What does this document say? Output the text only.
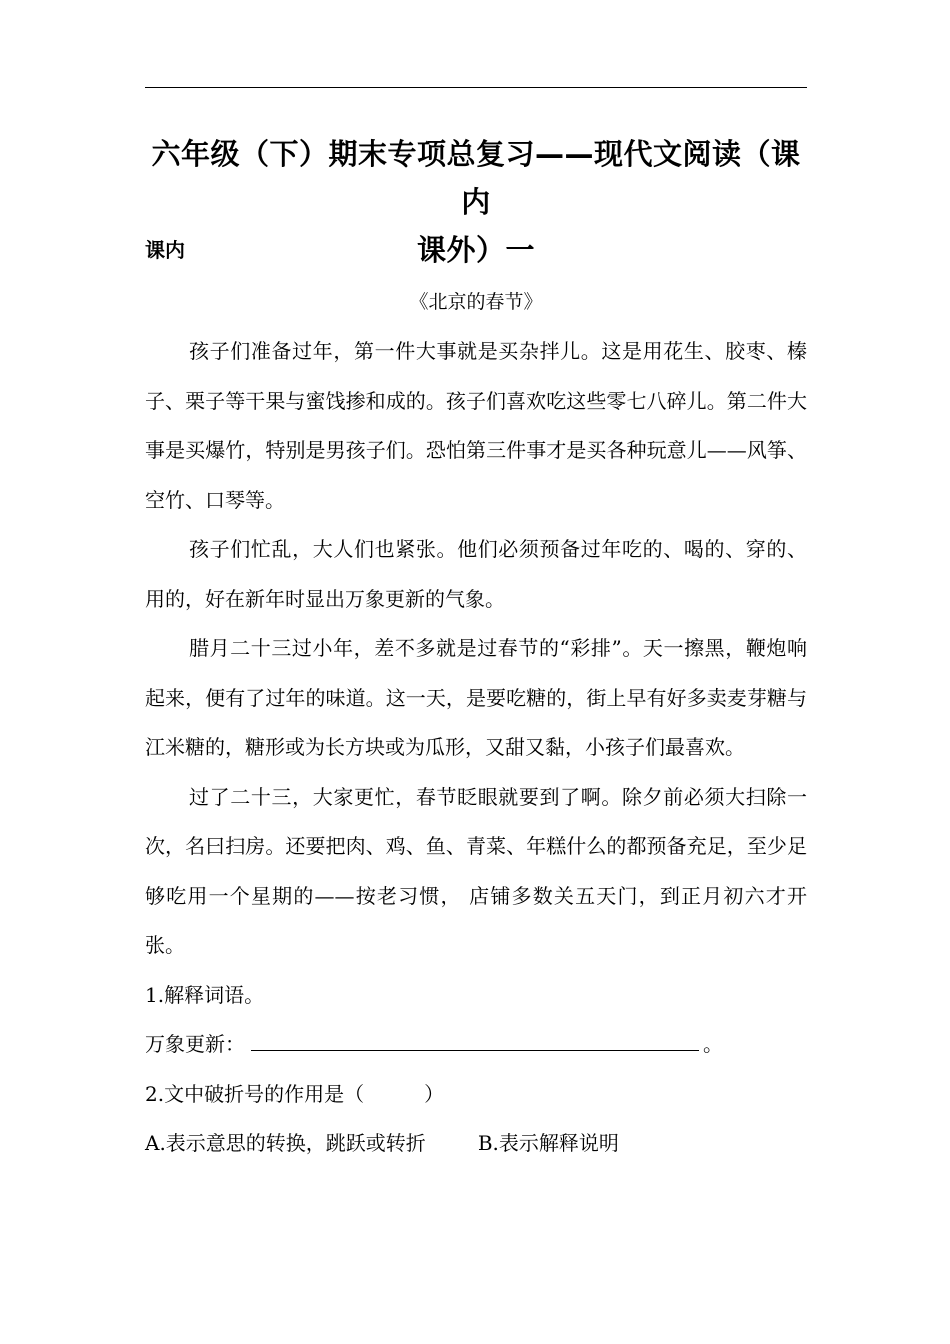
六年级（下）期末专项总复习——现代文阅读（课内
课外）一
课内
《北京的春节》

孩子们准备过年，第一件大事就是买杂拌儿。这是用花生、胶枣、榛子、栗子等干果与蜜饯掺和成的。孩子们喜欢吃这些零七八碎儿。第二件大事是买爆竹，特别是男孩子们。恐怕第三件事才是买各种玩意儿——风筝、 空竹、口琴等。

孩子们忙乱，大人们也紧张。他们必须预备过年吃的、喝的、穿的、用的，好在新年时显出万象更新的气象。

腊月二十三过小年，差不多就是过春节的“彩排”。天一擦黑，鞭炮响起来，便有了过年的味道。这一天，是要吃糖的，街上早有好多卖麦芽糖与江米糖的，糖形或为长方块或为瓜形，又甜又黏，小孩子们最喜欢。

过了二十三，大家更忙，春节眨眼就要到了啊。除夕前必须大扫除一次，名曰扫房。还要把肉、鸡、鱼、青菜、年糕什么的都预备充足，至少足够吃用一个星期的——按老习惯， 店铺多数关五天门，到正月初六才开张。

1.解释词语。

万象更新：	。

2.文中破折号的作用是（	）

A.表示意思的转换，跳跃或转折	B.表示解释说明
